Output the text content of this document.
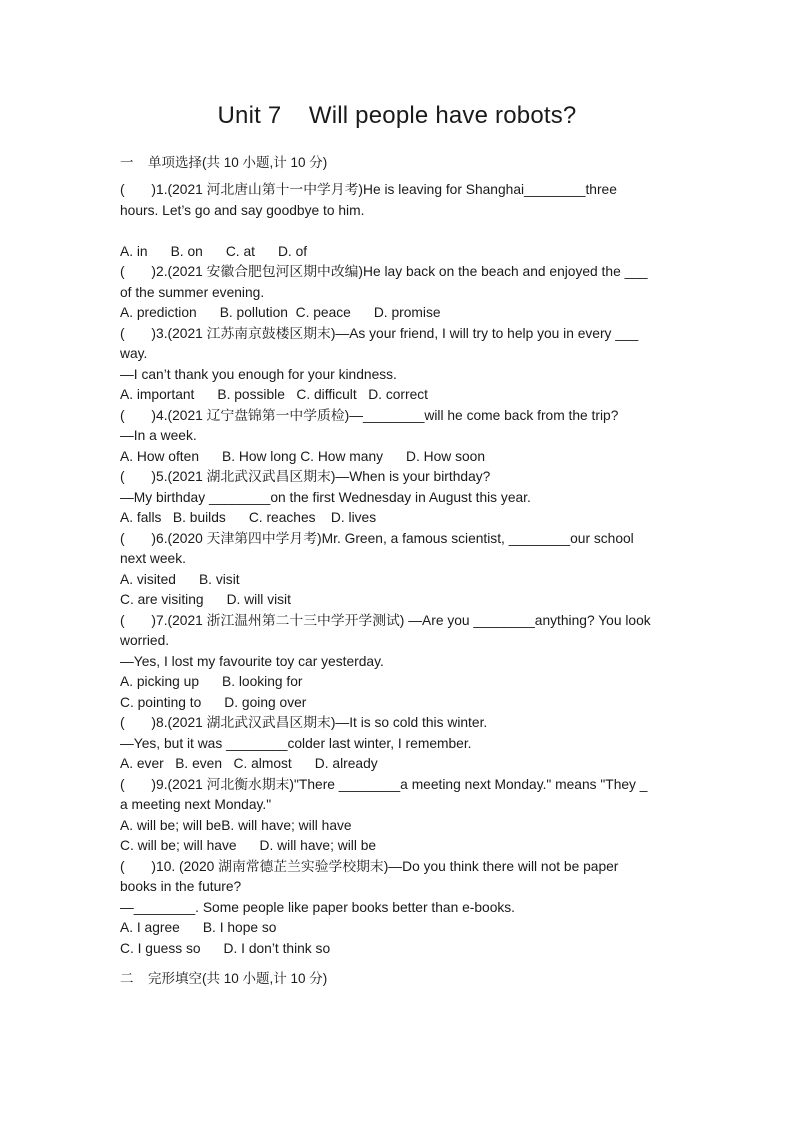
Unit 7    Will people have robots?
一 单项选择(共 10 小题,计 10 分)
(       )1.(2021 河北唐山第十一中学月考)He is leaving for Shanghai________three
hours. Let’s go and say goodbye to him.
A. in      B. on      C. at      D. of
(       )2.(2021 安徽合肥包河区期中改编)He lay back on the beach and enjoyed the ___
of the summer evening.
A. prediction      B. pollution  C. peace      D. promise
(       )3.(2021 江苏南京鼓楼区期末)—As your friend, I will try to help you in every ___
way.
—I can’t thank you enough for your kindness.
A. important      B. possible   C. difficult   D. correct
(       )4.(2021 辽宁盘锦第一中学质检)—________will he come back from the trip?
—In a week.
A. How often      B. How long C. How many      D. How soon
(       )5.(2021 湖北武汉武昌区期末)—When is your birthday?
—My birthday ________on the first Wednesday in August this year.
A. falls   B. builds      C. reaches    D. lives
(       )6.(2020 天津第四中学月考)Mr. Green, a famous scientist, ________our school
next week.
A. visited      B. visit
C. are visiting      D. will visit
(       )7.(2021 浙江温州第二十三中学开学测试) —Are you ________anything? You look
worried.
—Yes, I lost my favourite toy car yesterday.
A. picking up      B. looking for
C. pointing to      D. going over
(       )8.(2021 湖北武汉武昌区期末)—It is so cold this winter.
—Yes, but it was ________colder last winter, I remember.
A. ever   B. even   C. almost      D. already
(       )9.(2021 河北衡水期末)"There ________a meeting next Monday." means "They _
a meeting next Monday."
A. will be; will beB. will have; will have
C. will be; will have      D. will have; will be
(       )10. (2020 湖南常德芷兰实验学校期末)—Do you think there will not be paper
books in the future?
—________. Some people like paper books better than e-books.
A. I agree      B. I hope so
C. I guess so      D. I don’t think so
二 完形填空(共 10 小题,计 10 分)
